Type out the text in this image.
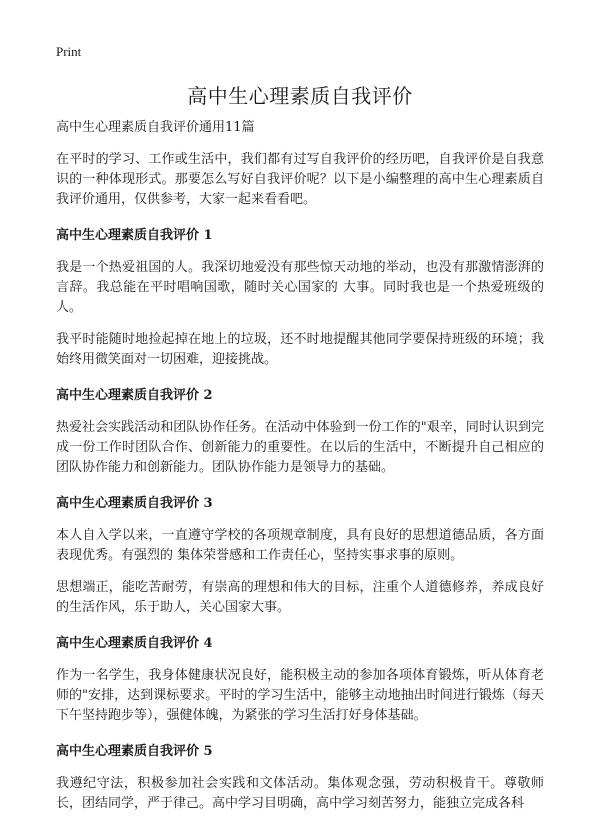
Print
高中生心理素质自我评价
高中生心理素质自我评价通用11篇

在平时的学习、工作或生活中，我们都有过写自我评价的经历吧，自我评价是自我意识的一种体现形式。那要怎么写好自我评价呢？以下是小编整理的高中生心理素质自我评价通用，仅供参考，大家一起来看看吧。

高中生心理素质自我评价 1

我是一个热爱祖国的人。我深切地爱没有那些惊天动地的举动，也没有那激情澎湃的言辞。我总能在平时唱响国歌，随时关心国家的 大事。同时我也是一个热爱班级的人。

我平时能随时地捡起掉在地上的垃圾，还不时地提醒其他同学要保持班级的环境；我始终用微笑面对一切困难，迎接挑战。

高中生心理素质自我评价 2

热爱社会实践活动和团队协作任务。在活动中体验到一份工作的"艰辛，同时认识到完成一份工作时团队合作、创新能力的重要性。在以后的生活中，不断提升自己相应的团队协作能力和创新能力。团队协作能力是领导力的基础。

高中生心理素质自我评价 3

本人自入学以来，一直遵守学校的各项规章制度，具有良好的思想道德品质，各方面表现优秀。有强烈的 集体荣誉感和工作责任心，坚持实事求事的原则。

思想端正，能吃苦耐劳，有崇高的理想和伟大的目标，注重个人道德修养，养成良好的生活作风，乐于助人，关心国家大事。

高中生心理素质自我评价 4

作为一名学生，我身体健康状况良好，能积极主动的参加各项体育锻炼，听从体育老师的"安排，达到课标要求。平时的学习生活中，能够主动地抽出时间进行锻炼（每天下午坚持跑步等），强健体魄，为紧张的学习生活打好身体基础。

高中生心理素质自我评价 5

我遵纪守法，积极参加社会实践和文体活动。集体观念强，劳动积极肯干。尊敬师长，团结同学，严于律己。高中学习目明确，高中学习刻苦努力，能独立完成各科
